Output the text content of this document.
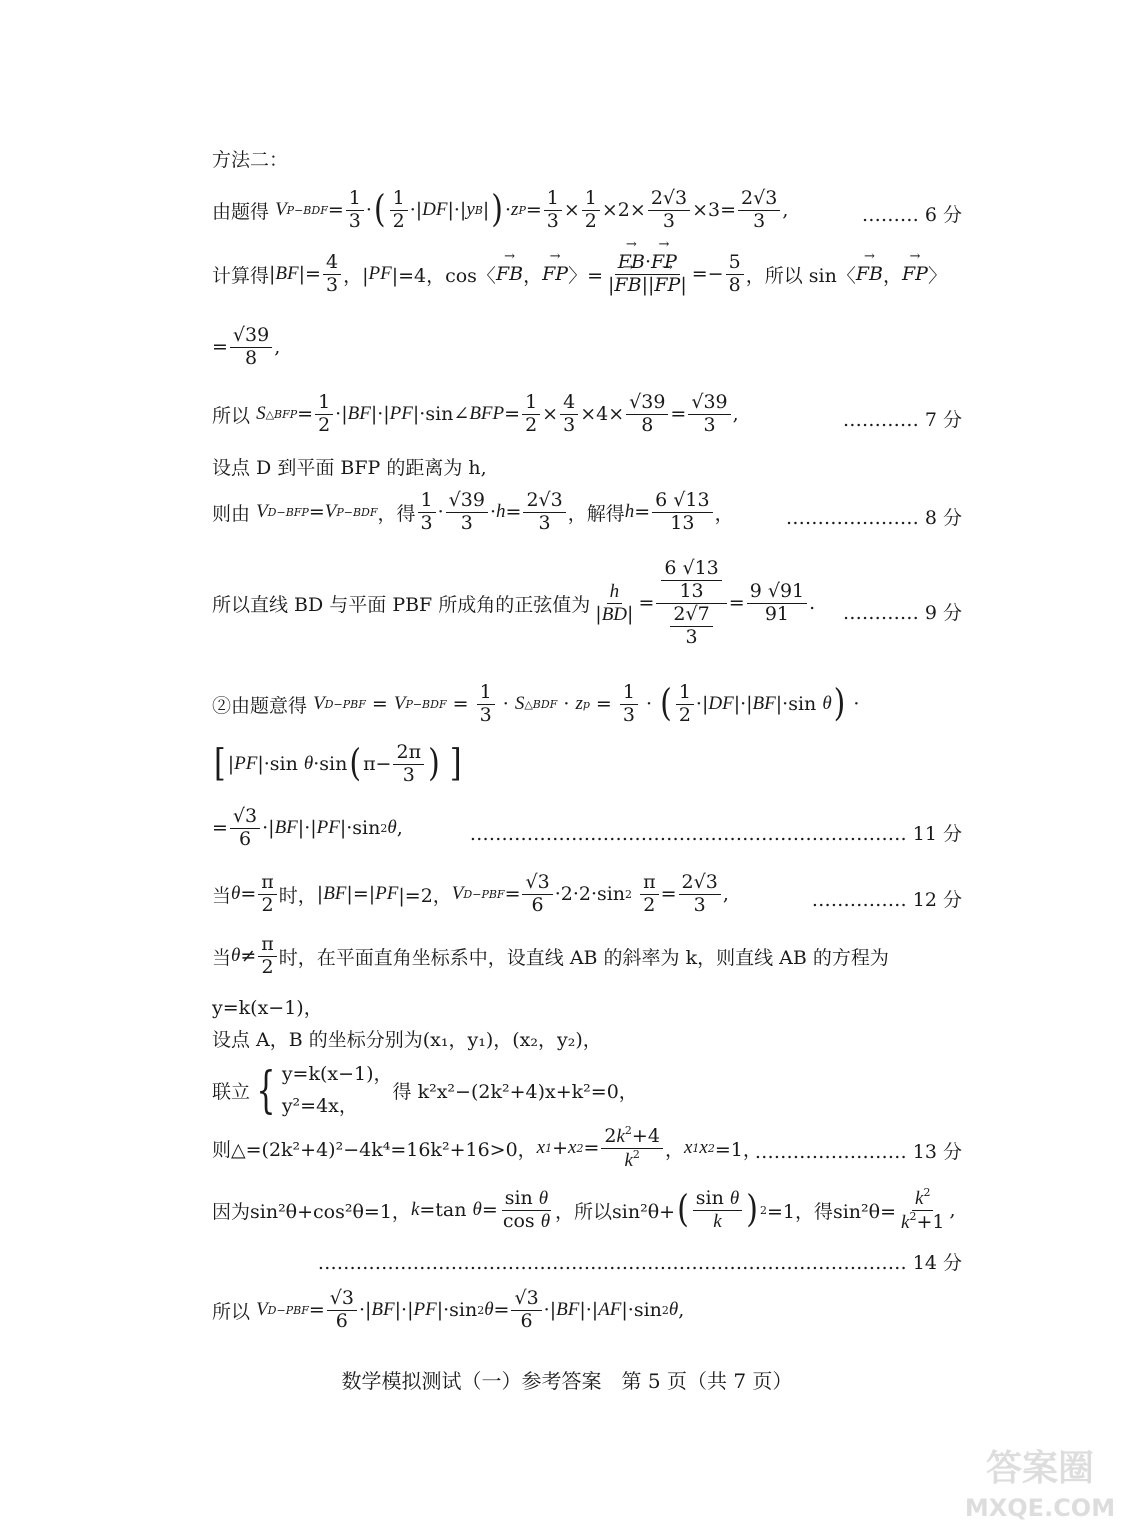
方法二：
由题得
V $P-BDF = \frac{1}{3}$ · ( $\frac{1}{2}$ ·| DF |·| y B | ) · z $P = \frac{1}{3} \times \frac{1}{2} \times 2\times \frac{2√3}{3} \times 3= \frac{2√3}{3}$ ,	……… 6 分
计算得 | BF |= $\frac{4}{3}$ ，| PF |=4，cos〈 → FB ， → FP 〉= → $\frac{FB\cdot\to FP}{|\to FB||\to FP|} =- \frac{5}{8}$ ， 所以 sin 〈 → FB ， → FP 〉
= $\frac{√39}{8}$ ,
所以
S △BFP = $\frac{1}{2}$ ·| BF |·| PF |·sin∠ BFP = $\frac{1}{2} \times \frac{4}{3} \times 4\times \frac{√39}{8} = \frac{√39}{3}$ ,	………… 7 分
设点 D 到平面 BFP 的距离为 h,
则由
V D−BFP = V P−BDF ，得 $\frac{1}{3} \cdot \frac{√39}{3} \cdot h = \frac{2√3}{3}$ ，解得 $h = \frac{6 √13}{13}$ ，	………………… 8 分
所以直线 BD 与平面 PBF 所成角的正弦值为 $\frac{h}{|BD|} = \frac{\frac{6 √13}{13}}{\frac{2√7}{3}} = \frac{9 √91}{91}$ . ………… 9 分
②由题意得
V D−PBF = V $P-BDF = \frac{1}{3} \cdot S$ △BDF · z $p = \frac{1}{3}$ · ( $\frac{1}{2}$ ·| DF |·| BF |·sin θ ) ·
[ | PF |·sin θ ·sin ( $\pi- \frac{2\pi}{3}$ )
]
= $\frac{√3}{6}$ ·| BF |·| PF |·sin 2 θ ,	…………………………………………………………… 11 分
当 $\theta = \frac{\pi}{2}$ 时， | BF |=| PF |=2， V $D-PBF = \frac{√3}{6} \cdot 2\cdot 2\cdot\sin$ 2
$\frac{\pi}{2} = \frac{2√3}{3}$ ,	…………… 12 分
当 $\theta \ne \frac{\pi}{2}$ 时，在平面直角坐标系中，设直线 AB 的斜率为 k，则直线 AB 的方程为
y=k(x−1)，
设点 A，B 的坐标分别为(x₁，y₁)，(x₂，y₂)，
联立 { y=k(x−1)，
y²=4x，
得 k²x²−(2k²+4)x+k²=0，
则△=(2k²+4)²−4k⁴=16k²+16>0， x 1 + x $2 = \frac{2k^2+4}{k^2}$ ， x 1 x 2 =1，
…………………… 13 分
因为sin²θ+cos²θ=1， k =tan $\theta = \frac{\text{sin θ}}{\text{cos θ}}$ ，所以sin²θ+ ( $\frac{\text{sin θ}}{k}$ ) 2 =1，得$\sin^2\theta= \frac{k^2}{k^2+1}$ ,
………………………………………………………………………………… 14 分
所以
V $D-PBF = \frac{√3}{6}$ ·| BF |·| PF |·sin 2 $\theta = \frac{√3}{6}$ ·| BF |·| AF |·sin 2 θ ,
数学模拟测试（一）参考答案　第 5 页（共 7 页）
答案圈
MXQE.COM
